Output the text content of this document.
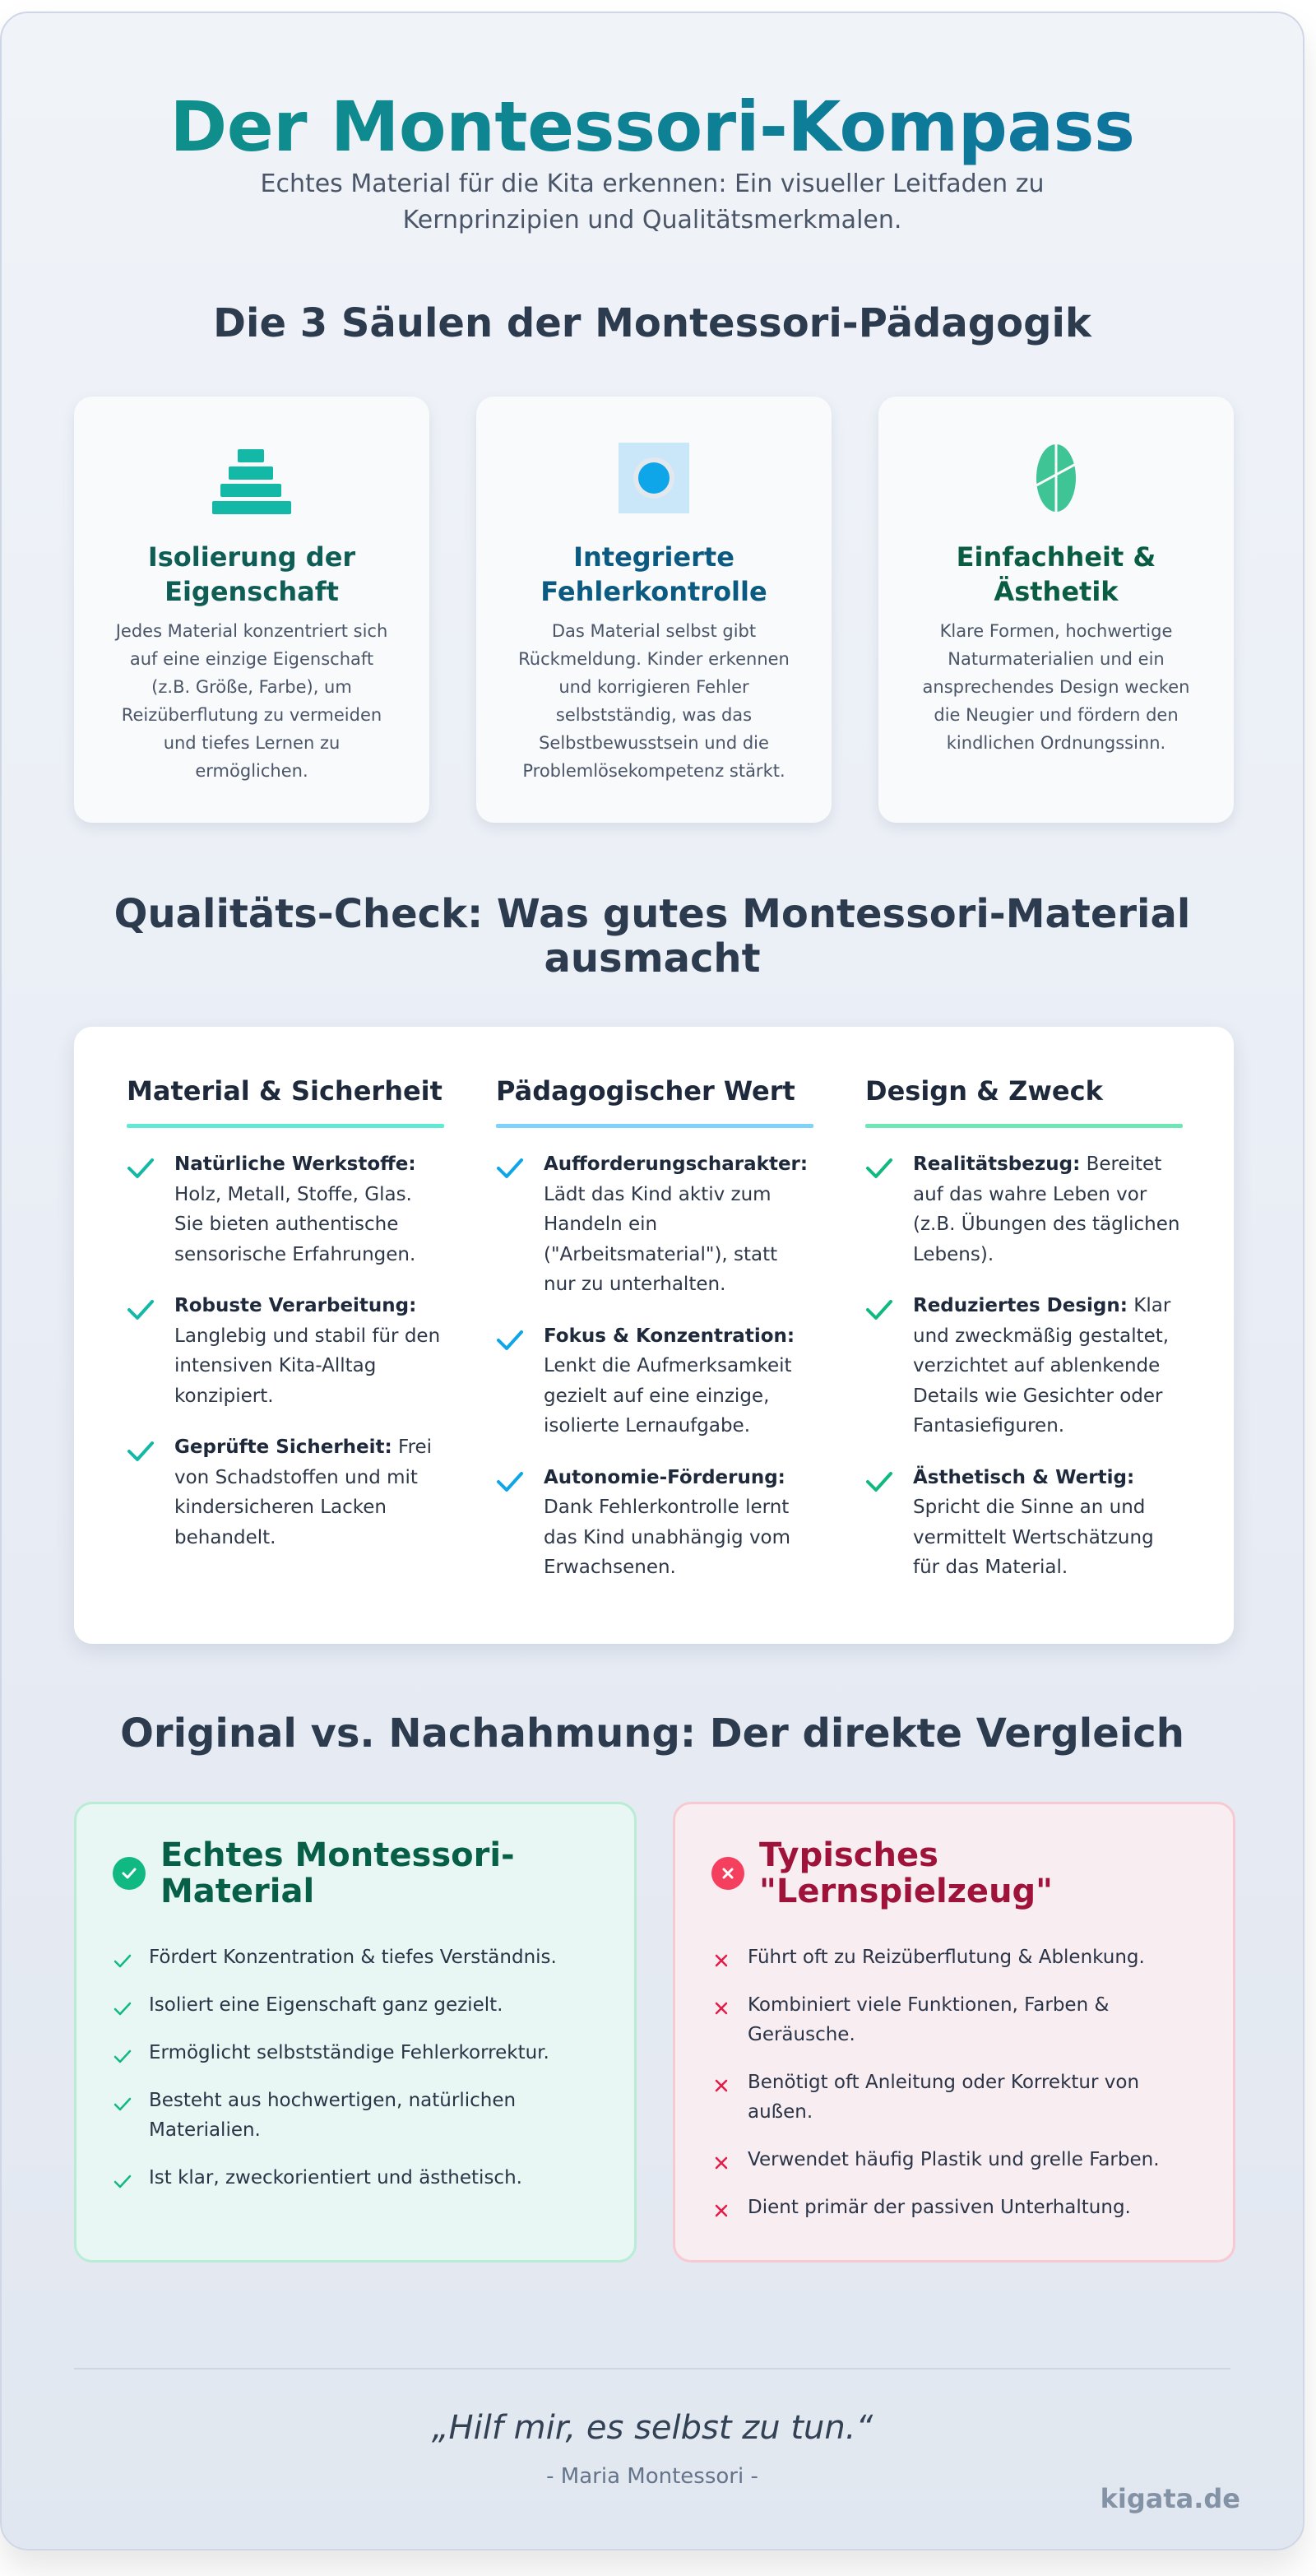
Der Montessori-Kompass

Echtes Material für die Kita erkennen: Ein visueller Leitfaden zu Kernprinzipien und Qualitätsmerkmalen.

Die 3 Säulen der Montessori-Pädagogik
Isolierung der Eigenschaft

Jedes Material konzentriert sich auf eine einzige Eigenschaft (z.B. Größe, Farbe), um Reizüberflutung zu vermeiden und tiefes Lernen zu ermöglichen.

Integrierte Fehlerkontrolle

Das Material selbst gibt Rückmeldung. Kinder erkennen und korrigieren Fehler selbstständig, was das Selbstbewusstsein und die Problemlösekompetenz stärkt.

Einfachheit & Ästhetik

Klare Formen, hochwertige Naturmaterialien und ein ansprechendes Design wecken die Neugier und fördern den kindlichen Ordnungssinn.

Qualitäts-Check: Was gutes Montessori-Material ausmacht
Material & Sicherheit
Natürliche Werkstoffe: Holz, Metall, Stoffe, Glas. Sie bieten authentische sensorische Erfahrungen.
Robuste Verarbeitung: Langlebig und stabil für den intensiven Kita-Alltag konzipiert.
Geprüfte Sicherheit: Frei von Schadstoffen und mit kindersicheren Lacken behandelt.
Pädagogischer Wert
Aufforderungscharakter: Lädt das Kind aktiv zum Handeln ein ("Arbeitsmaterial"), statt nur zu unterhalten.
Fokus & Konzentration: Lenkt die Aufmerksamkeit gezielt auf eine einzige, isolierte Lernaufgabe.
Autonomie-Förderung: Dank Fehlerkontrolle lernt das Kind unabhängig vom Erwachsenen.
Design & Zweck
Realitätsbezug: Bereitet auf das wahre Leben vor (z.B. Übungen des täglichen Lebens).
Reduziertes Design: Klar und zweckmäßig gestaltet, verzichtet auf ablenkende Details wie Gesichter oder Fantasiefiguren.
Ästhetisch & Wertig: Spricht die Sinne an und vermittelt Wertschätzung für das Material.
Original vs. Nachahmung: Der direkte Vergleich
Echtes Montessori-Material
Fördert Konzentration & tiefes Verständnis.
Isoliert eine Eigenschaft ganz gezielt.
Ermöglicht selbstständige Fehlerkorrektur.
Besteht aus hochwertigen, natürlichen Materialien.
Ist klar, zweckorientiert und ästhetisch.
Typisches "Lernspielzeug"
Führt oft zu Reizüberflutung & Ablenkung.
Kombiniert viele Funktionen, Farben & Geräusche.
Benötigt oft Anleitung oder Korrektur von außen.
Verwendet häufig Plastik und grelle Farben.
Dient primär der passiven Unterhaltung.

„Hilf mir, es selbst zu tun.“

- Maria Montessori -

kigata.de
